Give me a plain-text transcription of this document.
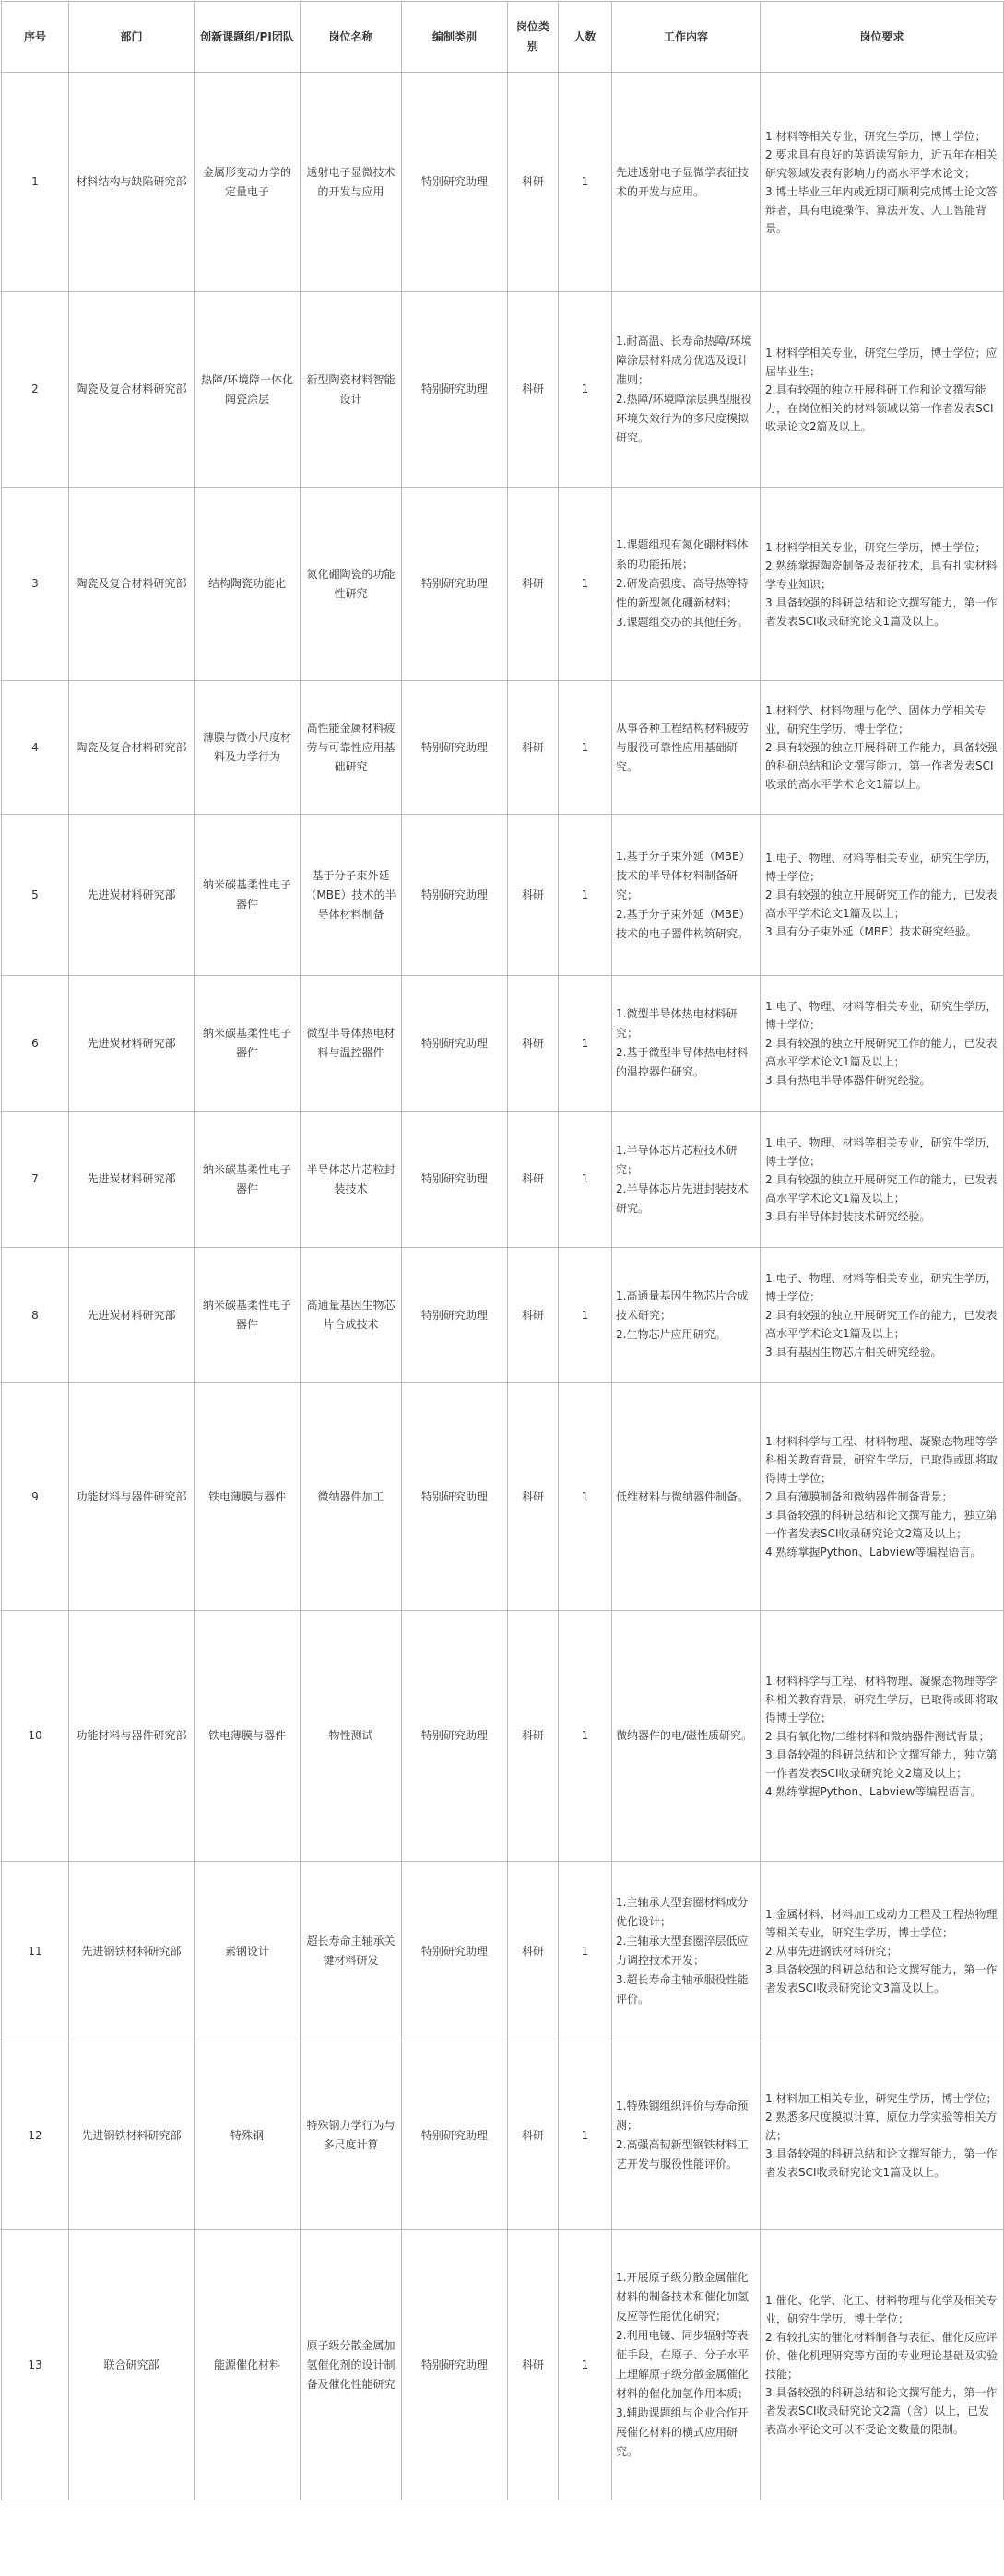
序号	部门	创新课题组/PI团队	岗位名称	编制类别	岗位类别	人数	工作内容	岗位要求
1	材料结构与缺陷研究部	金属形变动力学的定量电子	透射电子显微技术的开发与应用	特别研究助理	科研	1	先进透射电子显微学表征技术的开发与应用。	1.材料等相关专业，研究生学历，博士学位；
2.要求具有良好的英语读写能力，近五年在相关研究领域发表有影响力的高水平学术论文；
3.博士毕业三年内或近期可顺利完成博士论文答辩者，具有电镜操作、算法开发、人工智能背景。

2	陶瓷及复合材料研究部	热障/环境障一体化陶瓷涂层	新型陶瓷材料智能设计	特别研究助理	科研	1	1.耐高温、长寿命热障/环境障涂层材料成分优选及设计准则；
2.热障/环境障涂层典型服役环境失效行为的多尺度模拟研究。	1.材料学相关专业，研究生学历，博士学位；应届毕业生；
2.具有较强的独立开展科研工作和论文撰写能力，在岗位相关的材料领域以第一作者发表SCI收录论文2篇及以上。

3	陶瓷及复合材料研究部	结构陶瓷功能化	氮化硼陶瓷的功能性研究	特别研究助理	科研	1	1.课题组现有氮化硼材料体系的功能拓展；
2.研发高强度、高导热等特性的新型氮化硼新材料；
3.课题组交办的其他任务。	1.材料学相关专业，研究生学历，博士学位；
2.熟练掌握陶瓷制备及表征技术，具有扎实材料学专业知识；
3.具备较强的科研总结和论文撰写能力，第一作者发表SCI收录研究论文1篇及以上。

4	陶瓷及复合材料研究部	薄膜与微小尺度材料及力学行为	高性能金属材料疲劳与可靠性应用基础研究	特别研究助理	科研	1	从事各种工程结构材料疲劳与服役可靠性应用基础研究。	1.材料学、材料物理与化学、固体力学相关专业，研究生学历，博士学位；
2.具有较强的独立开展科研工作能力，具备较强的科研总结和论文撰写能力，第一作者发表SCI收录的高水平学术论文1篇以上。

5	先进炭材料研究部	纳米碳基柔性电子器件	基于分子束外延（MBE）技术的半导体材料制备	特别研究助理	科研	1	1.基于分子束外延（MBE）技术的半导体材料制备研究；
2.基于分子束外延（MBE）技术的电子器件构筑研究。	1.电子、物理、材料等相关专业，研究生学历，博士学位；
2.具有较强的独立开展研究工作的能力，已发表高水平学术论文1篇及以上；
3.具有分子束外延（MBE）技术研究经验。

6	先进炭材料研究部	纳米碳基柔性电子器件	微型半导体热电材料与温控器件	特别研究助理	科研	1	1.微型半导体热电材料研究；
2.基于微型半导体热电材料的温控器件研究。	1.电子、物理、材料等相关专业，研究生学历，博士学位；
2.具有较强的独立开展研究工作的能力，已发表高水平学术论文1篇及以上；
3.具有热电半导体器件研究经验。

7	先进炭材料研究部	纳米碳基柔性电子器件	半导体芯片芯粒封装技术	特别研究助理	科研	1	1.半导体芯片芯粒技术研究；
2.半导体芯片先进封装技术研究。	1.电子、物理、材料等相关专业，研究生学历，博士学位；
2.具有较强的独立开展研究工作的能力，已发表高水平学术论文1篇及以上；
3.具有半导体封装技术研究经验。

8	先进炭材料研究部	纳米碳基柔性电子器件	高通量基因生物芯片合成技术	特别研究助理	科研	1	1.高通量基因生物芯片合成技术研究；
2.生物芯片应用研究。	1.电子、物理、材料等相关专业，研究生学历，博士学位；
2.具有较强的独立开展研究工作的能力，已发表高水平学术论文1篇及以上；
3.具有基因生物芯片相关研究经验。

9	功能材料与器件研究部	铁电薄膜与器件	微纳器件加工	特别研究助理	科研	1	低维材料与微纳器件制备。	1.材料科学与工程、材料物理、凝聚态物理等学科相关教育背景，研究生学历，已取得或即将取得博士学位；
2.具有薄膜制备和微纳器件制备背景；
3.具备较强的科研总结和论文撰写能力，独立第一作者发表SCI收录研究论文2篇及以上；
4.熟练掌握Python、Labview等编程语言。

10	功能材料与器件研究部	铁电薄膜与器件	物性测试	特别研究助理	科研	1	微纳器件的电/磁性质研究。	1.材料科学与工程、材料物理、凝聚态物理等学科相关教育背景，研究生学历，已取得或即将取得博士学位；
2.具有氧化物/二维材料和微纳器件测试背景；
3.具备较强的科研总结和论文撰写能力，独立第一作者发表SCI收录研究论文2篇及以上；
4.熟练掌握Python、Labview等编程语言。

11	先进钢铁材料研究部	素钢设计	超长寿命主轴承关键材料研发	特别研究助理	科研	1	1.主轴承大型套圈材料成分优化设计；
2.主轴承大型套圈淬层低应力调控技术开发；
3.超长寿命主轴承服役性能评价。	1.金属材料、材料加工或动力工程及工程热物理等相关专业，研究生学历，博士学位；
2.从事先进钢铁材料研究；
3.具备较强的科研总结和论文撰写能力，第一作者发表SCI收录研究论文3篇及以上。

12	先进钢铁材料研究部	特殊钢	特殊钢力学行为与多尺度计算	特别研究助理	科研	1	1.特殊钢组织评价与寿命预测；
2.高强高韧新型钢铁材料工艺开发与服役性能评价。	1.材料加工相关专业，研究生学历，博士学位；
2.熟悉多尺度模拟计算，原位力学实验等相关方法；
3.具备较强的科研总结和论文撰写能力，第一作者发表SCI收录研究论文1篇及以上。

13	联合研究部	能源催化材料	原子级分散金属加氢催化剂的设计制备及催化性能研究	特别研究助理	科研	1	1.开展原子级分散金属催化材料的制备技术和催化加氢反应等性能优化研究；
2.利用电镜、同步辐射等表征手段，在原子、分子水平上理解原子级分散金属催化材料的催化加氢作用本质；
3.辅助课题组与企业合作开展催化材料的横式应用研究。	1.催化、化学、化工、材料物理与化学及相关专业，研究生学历，博士学位；
2.有较扎实的催化材料制备与表征、催化反应评价、催化机理研究等方面的专业理论基础及实验技能；
3.具备较强的科研总结和论文撰写能力，第一作者发表SCI收录研究论文2篇（含）以上，已发表高水平论文可以不受论文数量的限制。
